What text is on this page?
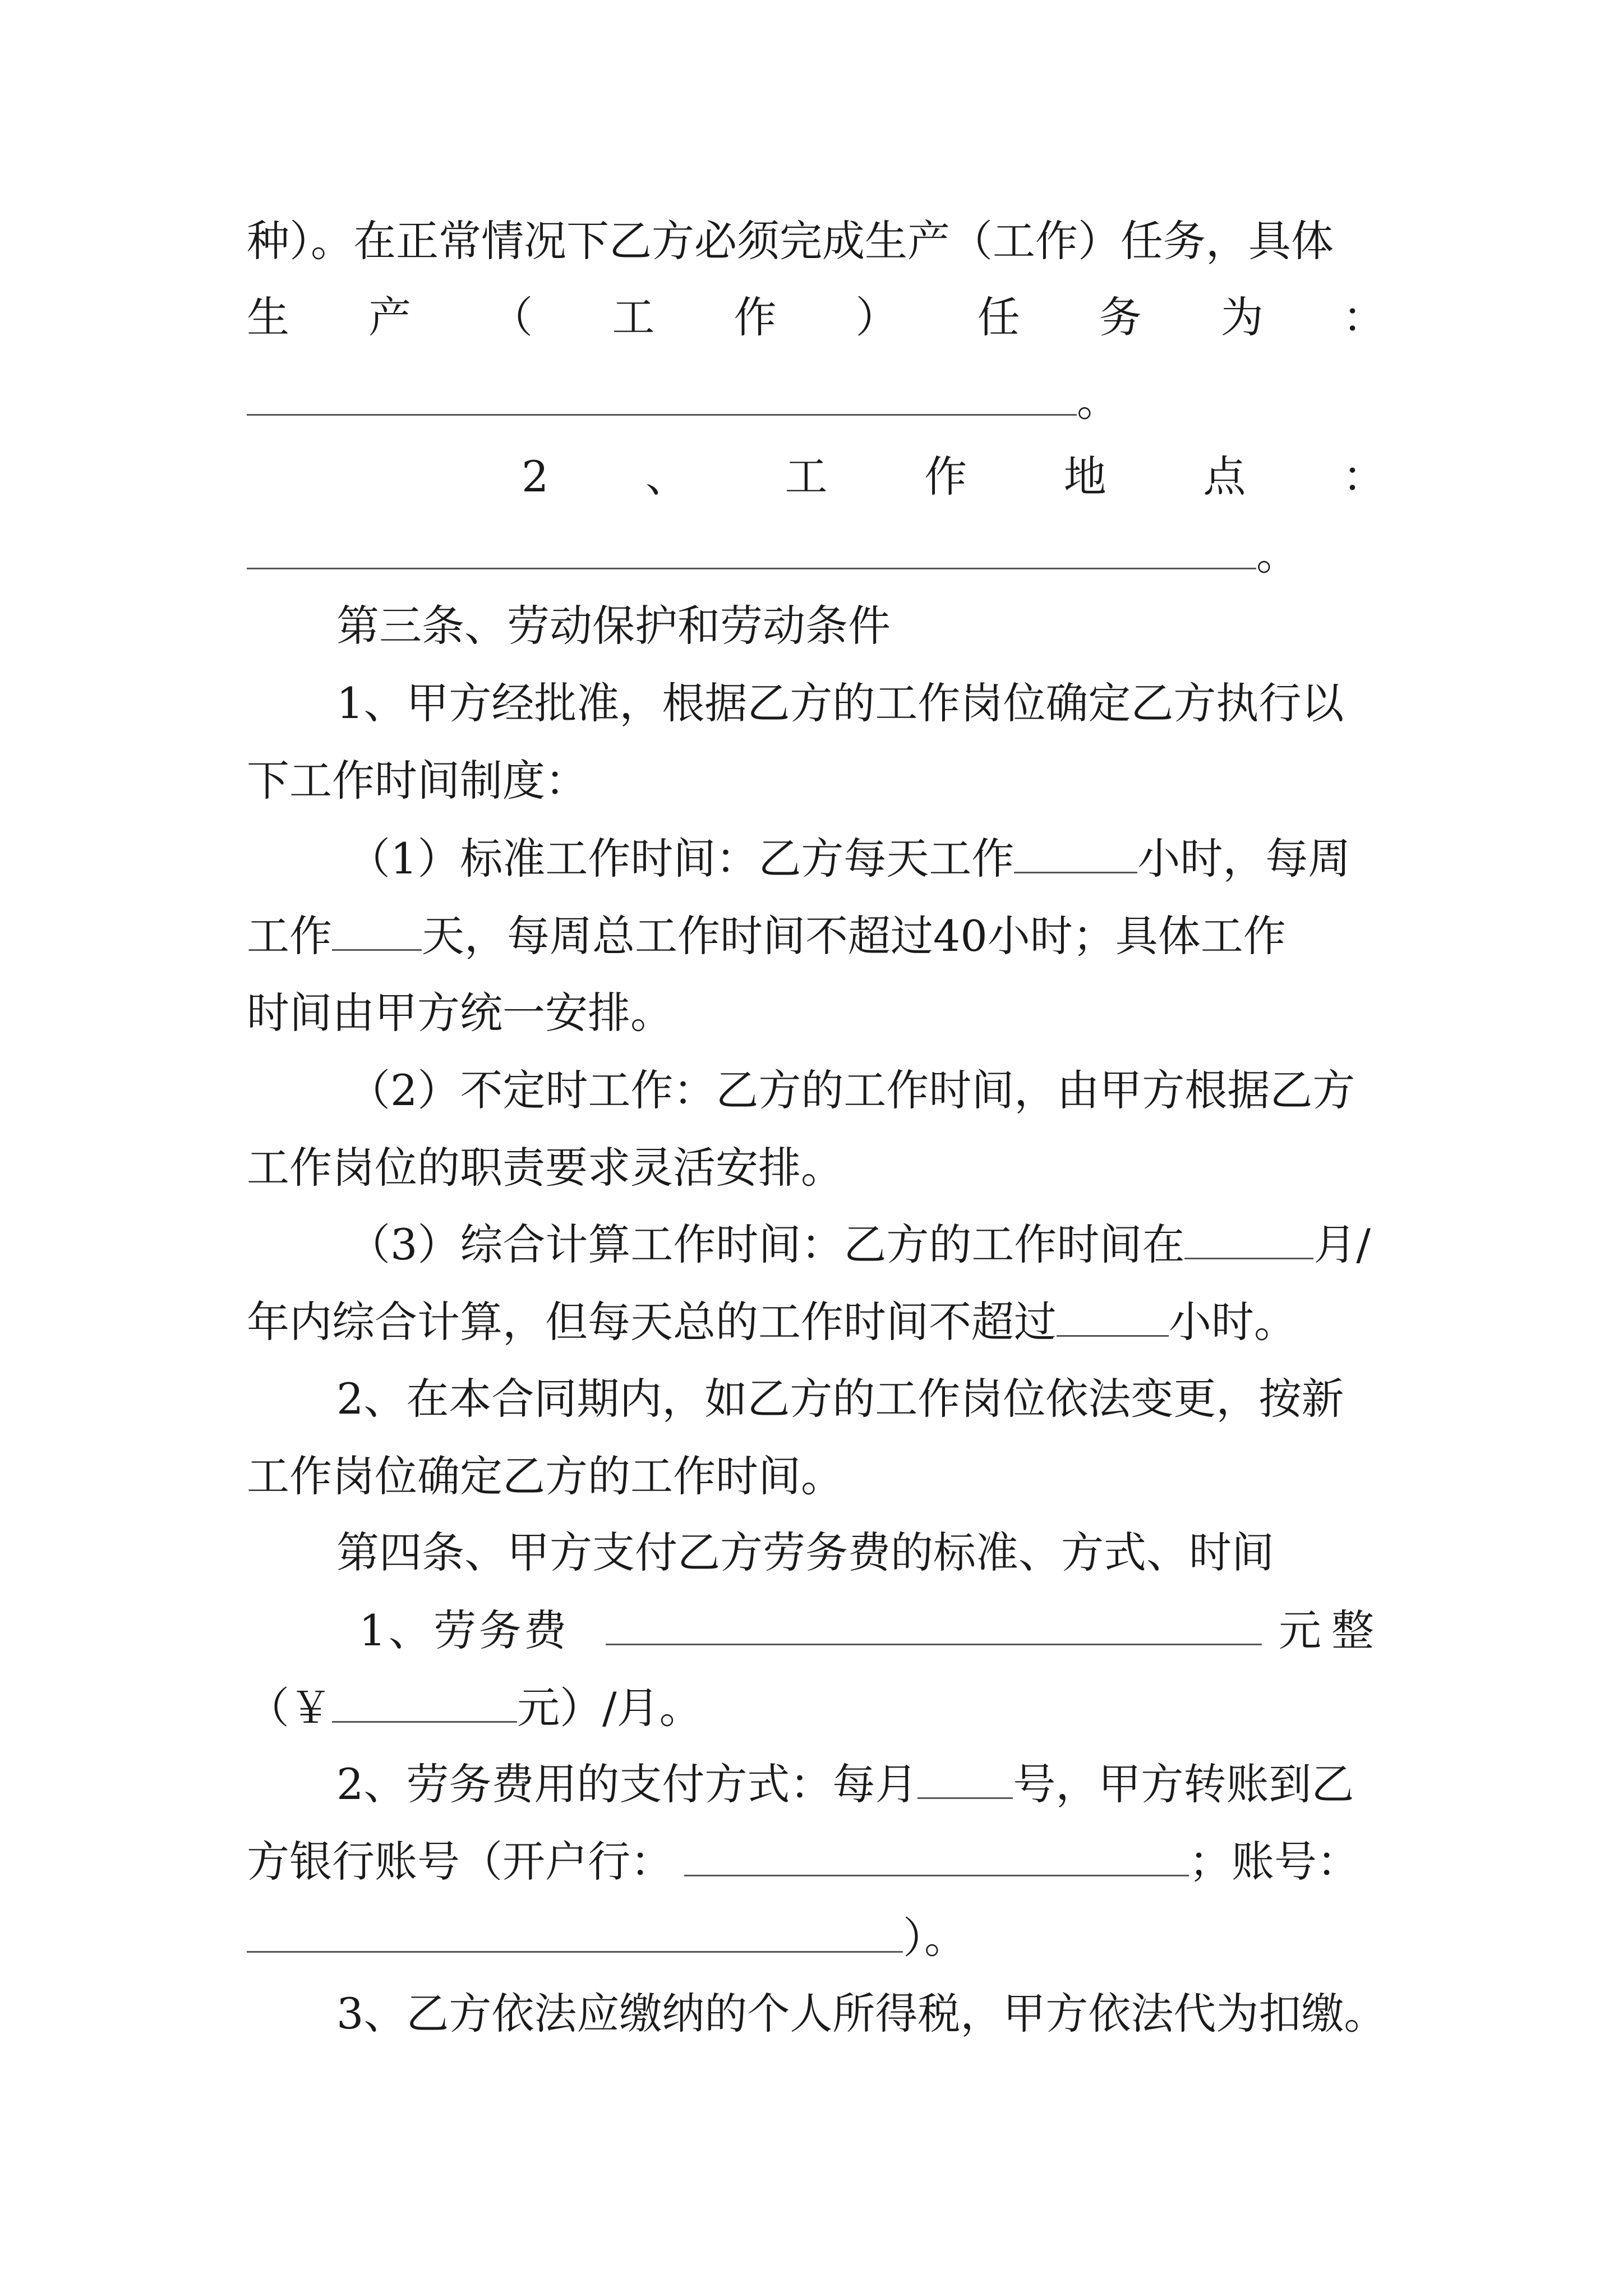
种）。在正常情况下乙方必须完成生产（工作）任务，具体
生 产 （ 工 作 ） 任 务 为 ：
。
2 、 工 作 地 点 ：
。
第三条、劳动保护和劳动条件
1、甲方经批准，根据乙方的工作岗位确定乙方执行以
下工作时间制度：
（1）标准工作时间：乙方每天工作	小时，每周
工作 天，每周总工作时间不超过40小时；具体工作
时间由甲方统一安排。
（2）不定时工作：乙方的工作时间，由甲方根据乙方
工作岗位的职责要求灵活安排。
（3）综合计算工作时间：乙方的工作时间在	月/
年内综合计算，但每天总的工作时间不超过	小时。
2、在本合同期内，如乙方的工作岗位依法变更，按新
工作岗位确定乙方的工作时间。
第四条、甲方支付乙方劳务费的标准、方式、时间
1 、 劳 务 费	元 整
（￥	元）/月。
2、劳务费用的支付方式：每月 号，甲方转账到乙
方银行账号（开户行：	；账号：
）。
3、乙方依法应缴纳的个人所得税，甲方依法代为扣缴。
